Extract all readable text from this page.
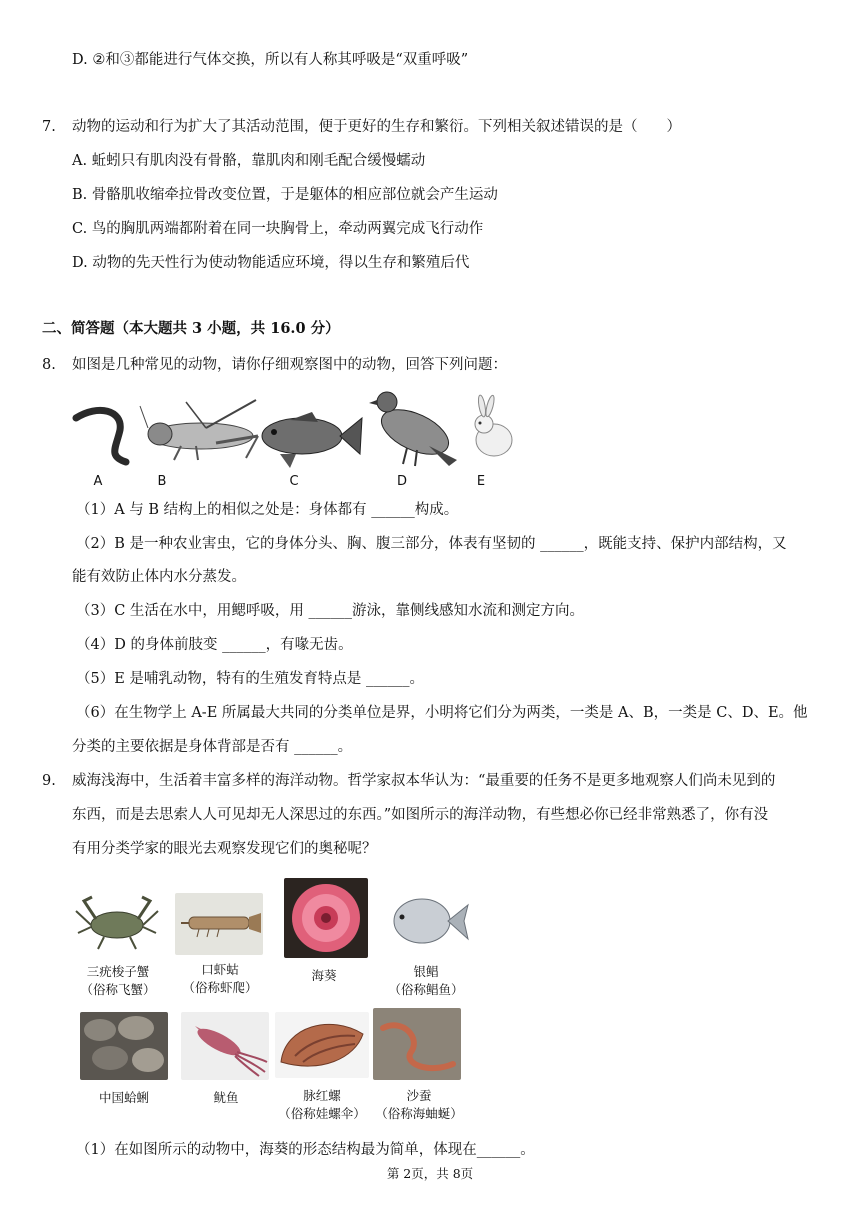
D. ②和③都能进行气体交换，所以有人称其呼吸是“双重呼吸”
7. 动物的运动和行为扩大了其活动范围，便于更好的生存和繁衍。下列相关叙述错误的是（　　）
A. 蚯蚓只有肌肉没有骨骼，靠肌肉和刚毛配合缓慢蠕动
B. 骨骼肌收缩牵拉骨改变位置，于是躯体的相应部位就会产生运动
C. 鸟的胸肌两端都附着在同一块胸骨上，牵动两翼完成飞行动作
D. 动物的先天性行为使动物能适应环境，得以生存和繁殖后代
二、简答题（本大题共 3 小题，共 16.0 分）
8. 如图是几种常见的动物，请你仔细观察图中的动物，回答下列问题：
A	B	C	D	E
（1）A 与 B 结构上的相似之处是：身体都有 ______构成。
（2）B 是一种农业害虫，它的身体分头、胸、腹三部分，体表有坚韧的 ______，既能支持、保护内部结构，又
能有效防止体内水分蒸发。
（3）C 生活在水中，用鳃呼吸，用 ______游泳，靠侧线感知水流和测定方向。
（4）D 的身体前肢变 ______，有喙无齿。
（5）E 是哺乳动物，特有的生殖发育特点是 ______。
（6）在生物学上 A-E 所属最大共同的分类单位是界，小明将它们分为两类，一类是 A、B，一类是 C、D、E。他
分类的主要依据是身体背部是否有 ______。
9. 威海浅海中，生活着丰富多样的海洋动物。哲学家叔本华认为：“最重要的任务不是更多地观察人们尚未见到的
东西，而是去思索人人可见却无人深思过的东西。”如图所示的海洋动物，有些想必你已经非常熟悉了，你有没
有用分类学家的眼光去观察发现它们的奥秘呢？
三疣梭子蟹
（俗称飞蟹）
口虾蛄
（俗称虾爬）
海葵	银鲳
（俗称鲳鱼）
中国蛤蜊	鱿鱼	脉红螺
（俗称娃螺伞）
沙蚕
（俗称海蚰蜒）
（1）在如图所示的动物中，海葵的形态结构最为简单，体现在______。
第 2页，共 8页
